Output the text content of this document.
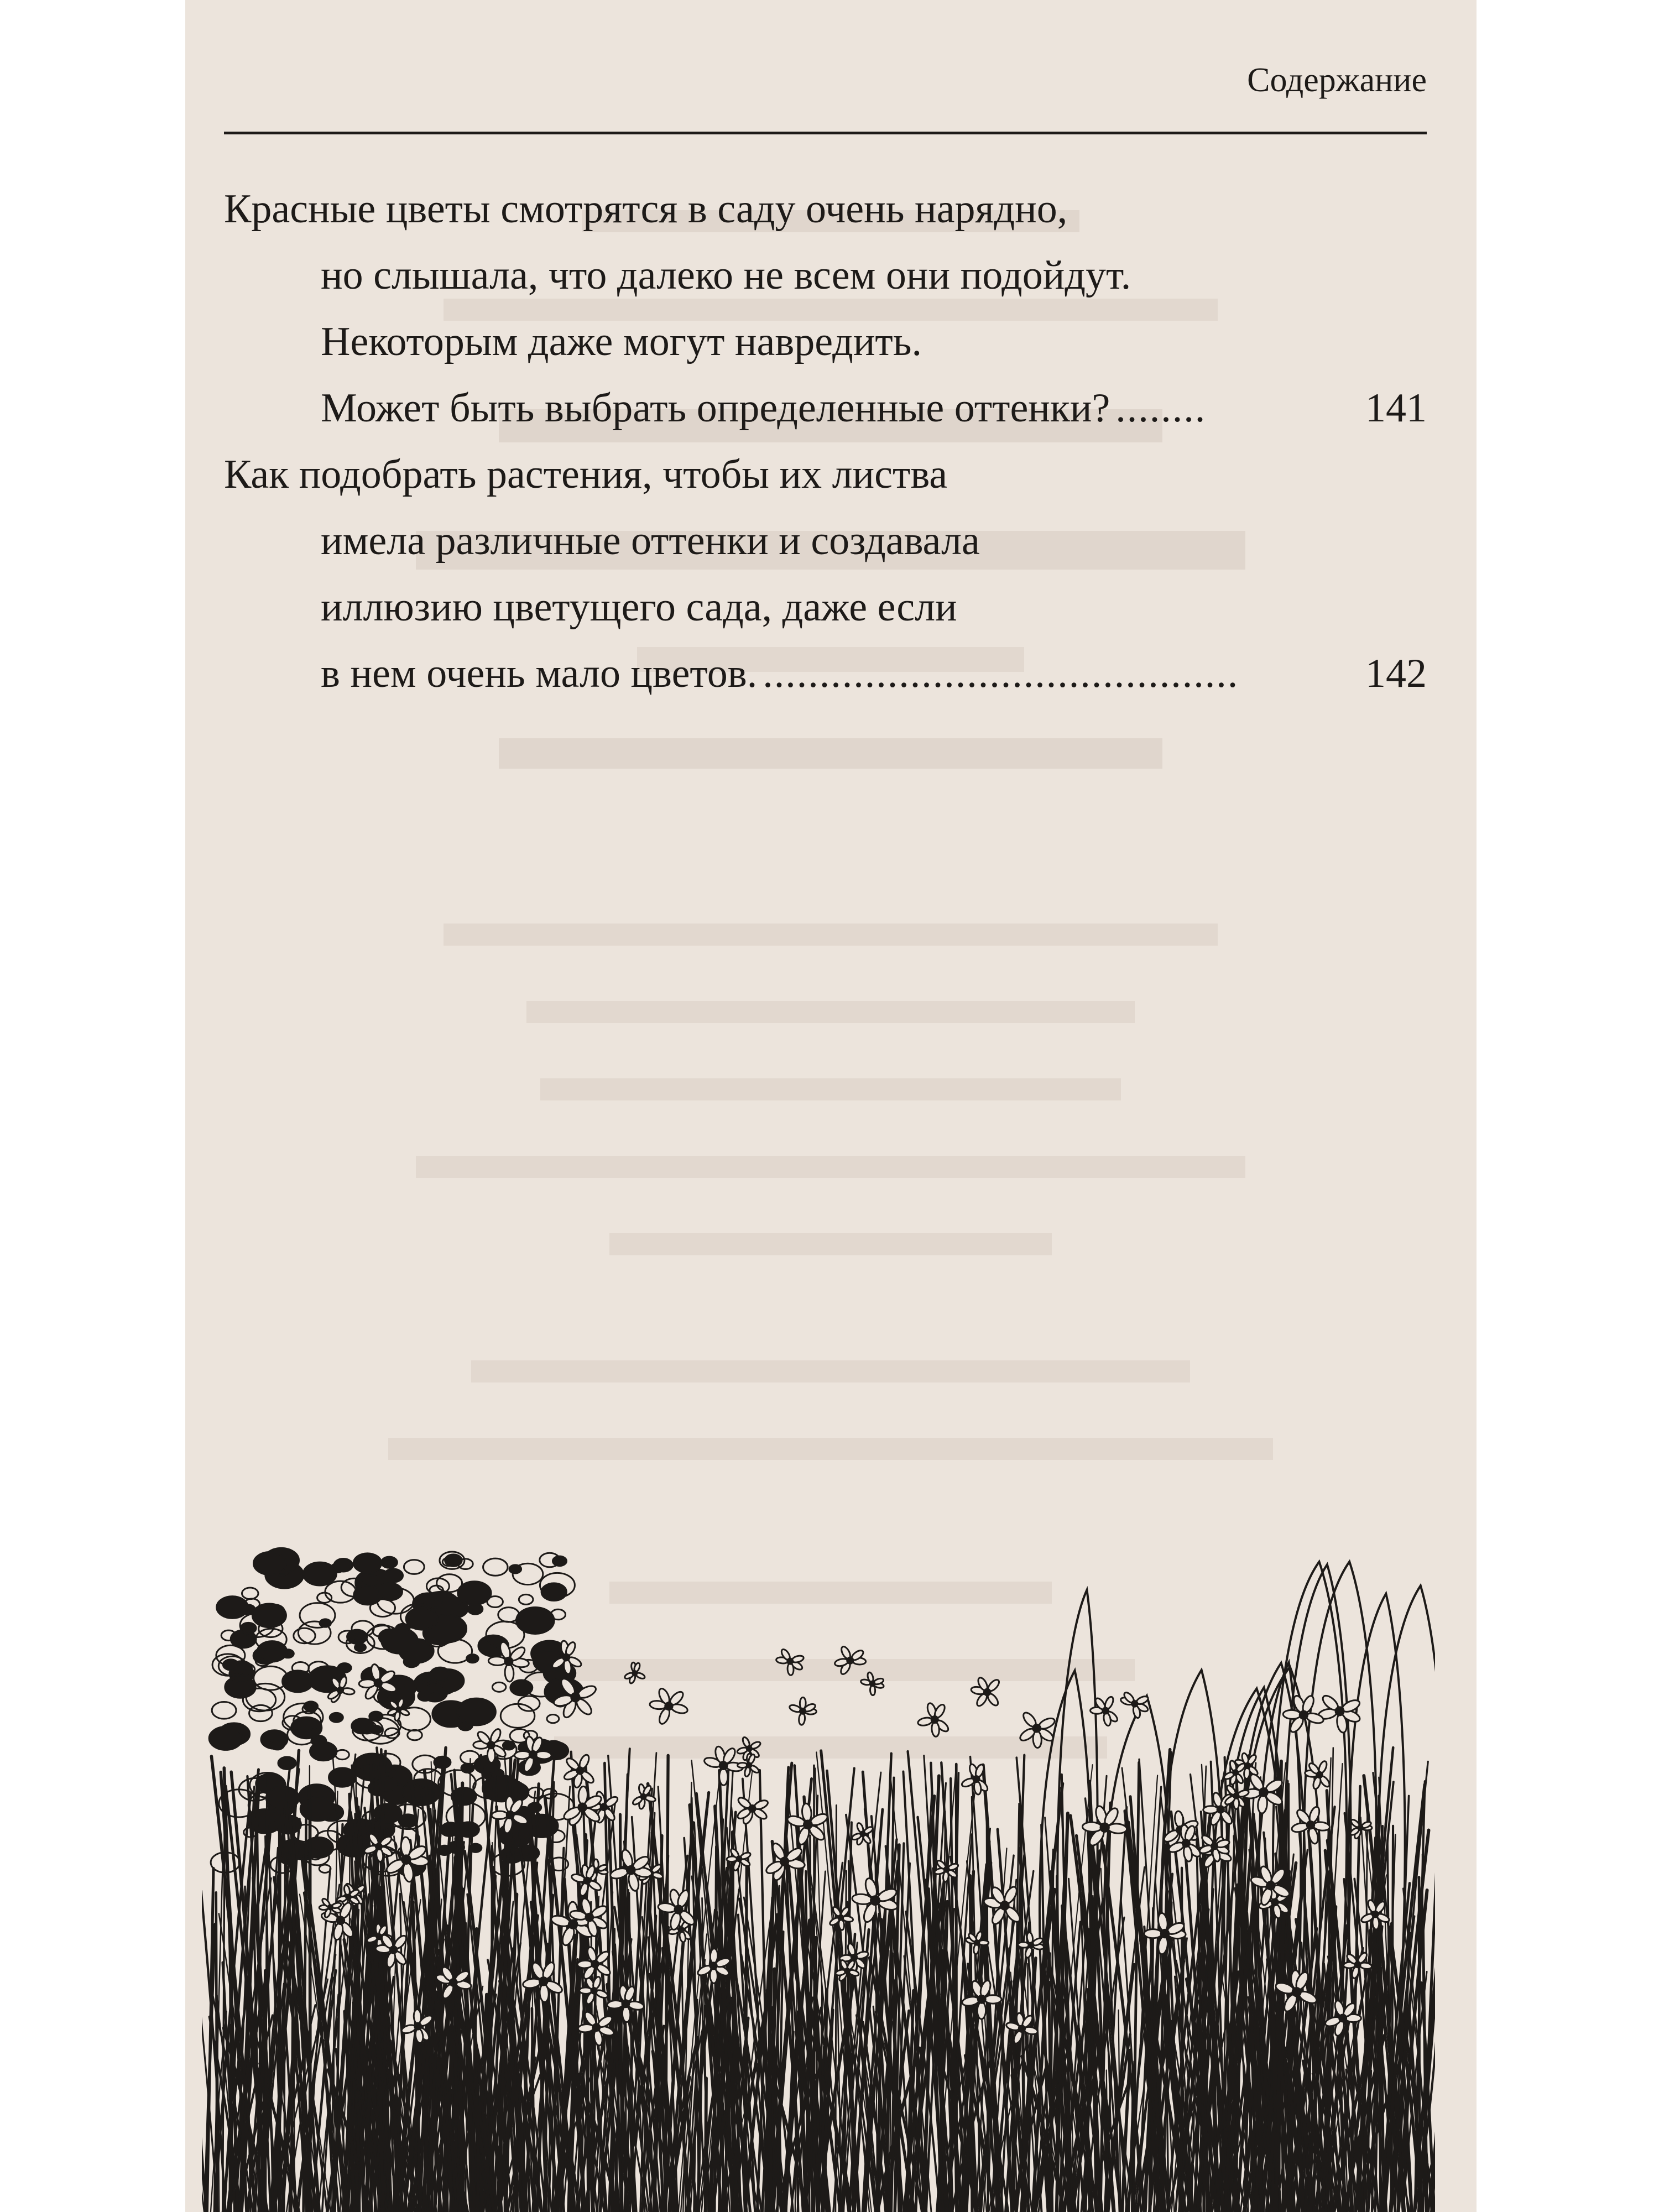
Содержание
Красные цветы смотрятся в саду очень нарядно,
но слышала, что далеко не всем они подойдут.
Некоторым даже могут навредить.
Может быть выбрать определенные оттенки? ........	141
Как подобрать растения, чтобы их листва
имела различные оттенки и создавала
иллюзию цветущего сада, даже если
в нем очень мало цветов. ..........................................	142
